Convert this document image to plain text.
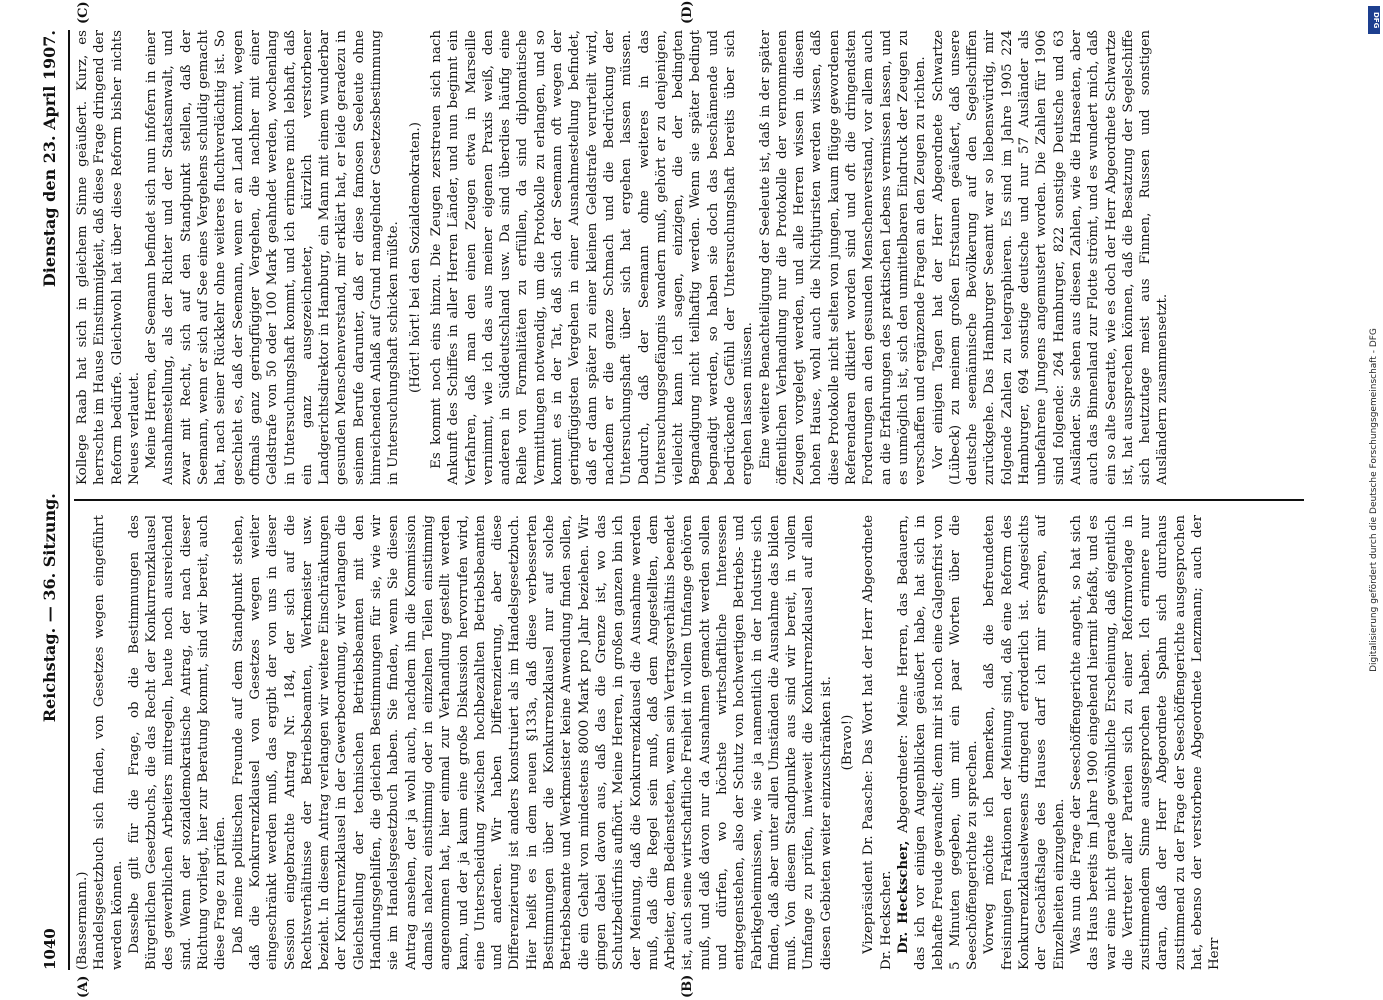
1040
Reichstag. — 36. Sitzung.
Dienstag den 23. April 1907.

(Bassermann.) Handelsgesetzbuch sich finden, von Gesetzes wegen eingeführt werden können. Dasselbe gilt für die Frage, ob die Bestimmungen des Bürgerlichen Gesetzbuchs, die das Recht der Konkurrenzklausel des gewerblichen Arbeiters mitregeln, heute noch ausreichend sind. Wenn der sozialdemokratische Antrag, der nach dieser Richtung vorliegt, hier zur Beratung kommt, sind wir bereit, auch diese Frage zu prüfen. Daß meine politischen Freunde auf dem Standpunkt stehen, daß die Konkurrenzklausel von Gesetzes wegen weiter eingeschränkt werden muß, das ergibt der von uns in dieser Session eingebrachte Antrag Nr. 184, der sich auf die Rechtsverhältnisse der Betriebsbeamten, Werkmeister usw. bezieht. In diesem Antrag verlangen wir weitere Einschränkungen der Konkurrenzklausel in der Gewerbeordnung, wir verlangen die Gleichstellung der technischen Betriebsbeamten mit den Handlungsgehilfen, die gleichen Bestimmungen für sie, wie wir sie im Handelsgesetzbuch haben. Sie finden, wenn Sie diesen Antrag ansehen, der ja wohl auch, nachdem ihn die Kommission damals nahezu einstimmig oder in einzelnen Teilen einstimmig angenommen hat, hier einmal zur Verhandlung gestellt werden kann, und der ja kaum eine große Diskussion hervorrufen wird, eine Unterscheidung zwischen hochbezahlten Betriebsbeamten und anderen. Wir haben Differenzierung, aber diese Differenzierung ist anders konstruiert als im Handelsgesetzbuch. Hier heißt es in dem neuen §133a, daß diese verbesserten Bestimmungen über die Konkurrenzklausel nur auf solche Betriebsbeamte und Werkmeister keine Anwendung finden sollen, die ein Gehalt von mindestens 8000 Mark pro Jahr beziehen. Wir gingen dabei davon aus, daß das die Grenze ist, wo das Schutzbedürfnis aufhört. Meine Herren, in großen ganzen bin ich der Meinung, daß die Konkurrenzklausel die Ausnahme werden muß, daß die Regel sein muß, daß dem Angestellten, dem Arbeiter, dem Bediensteten, wenn sein Vertragsverhältnis beendet ist, auch seine wirtschaftliche Freiheit in vollem Umfange gehören muß, und daß davon nur da Ausnahmen gemacht werden sollen und dürfen, wo höchste wirtschaftliche Interessen entgegenstehen, also der Schutz von hochwertigen Betriebs- und Fabrikgeheimnissen, wie sie ja namentlich in der Industrie sich finden, daß aber unter allen Umständen die Ausnahme das bilden muß. Von diesem Standpunkte aus sind wir bereit, in vollem Umfange zu prüfen, inwieweit die Konkurrenzklausel auf allen diesen Gebieten weiter einzuschränken ist. (Bravo!) Vizepräsident Dr. Paasche: Das Wort hat der Herr Abgeordnete Dr. Heckscher. Dr. Heckscher, Abgeordneter: Meine Herren, das Bedauern, das ich vor einigen Augenblicken geäußert habe, hat sich in lebhafte Freude gewandelt; denn mir ist noch eine Galgenfrist von 5 Minuten gegeben, um mit ein paar Worten über die Seeschöffengerichte zu sprechen. Vorweg möchte ich bemerken, daß die befreundeten freisinnigen Fraktionen der Meinung sind, daß eine Reform des Konkurrenzklauselwesens dringend erforderlich ist. Angesichts der Geschäftslage des Hauses darf ich mir ersparen, auf Einzelheiten einzugehen. Was nun die Frage der Seeschöffengerichte angeht, so hat sich das Haus bereits im Jahre 1900 eingehend hiermit befaßt, und es war eine nicht gerade gewöhnliche Erscheinung, daß eigentlich die Vertreter aller Parteien sich zu einer Reformvorlage in zustimmendem Sinne ausgesprochen haben. Ich erinnere nur daran, daß der Herr Abgeordnete Spahn sich durchaus zustimmend zu der Frage der Seeschöffengerichte ausgesprochen hat, ebenso der verstorbene Abgeordnete Lenzmann; auch der Herr

Kollege Raab hat sich in gleichem Sinne geäußert. Kurz, es herrschte im Hause Einstimmigkeit, daß diese Frage dringend der Reform bedürfe. Gleichwohl hat über diese Reform bisher nichts Neues verlautet. Meine Herren, der Seemann befindet sich nun infofern in einer Ausnahmestellung, als der Richter und der Staatsanwalt, und zwar mit Recht, sich auf den Standpunkt stellen, daß der Seemann, wenn er sich auf See eines Vergehens schuldig gemacht hat, nach seiner Rückkehr ohne weiteres fluchtverdächtig ist. So geschieht es, daß der Seemann, wenn er an Land kommt, wegen oftmals ganz geringfügiger Vergehen, die nachher mit einer Geldstrafe von 50 oder 100 Mark geahndet werden, wochenlang in Untersuchungshaft kommt, und ich erinnere mich lebhaft, daß ein ganz ausgezeichneter, kürzlich verstorbener Landgerichtsdirektor in Hamburg, ein Mann mit einem wunderbar gesunden Menschenverstand, mir erklärt hat, er leide geradezu in seinem Berufe darunter, daß er diese famosen Seeleute ohne hinreichenden Anlaß auf Grund mangelnder Gesetzesbestimmung in Untersuchungshaft schicken müßte. (Hört! hört! bei den Sozialdemokraten.) Es kommt noch eins hinzu. Die Zeugen zerstreuen sich nach Ankunft des Schiffes in aller Herren Länder, und nun beginnt ein Verfahren, daß man den einen Zeugen etwa in Marseille vernimmt, wie ich das aus meiner eigenen Praxis weiß, den anderen in Süddeutschland usw. Da sind überdies häufig eine Reihe von Formalitäten zu erfüllen, da sind diplomatische Vermittlungen notwendig, um die Protokolle zu erlangen, und so kommt es in der Tat, daß sich der Seemann oft wegen der geringfügigsten Vergehen in einer Ausnahmestellung befindet, daß er dann später zu einer kleinen Geldstrafe verurteilt wird, nachdem er die ganze Schmach und die Bedrückung der Untersuchungshaft über sich hat ergehen lassen müssen. Dadurch, daß der Seemann ohne weiteres in das Untersuchungsgefängnis wandern muß, gehört er zu denjenigen, vielleicht kann ich sagen, einzigen, die der bedingten Begnadigung nicht teilhaftig werden. Wenn sie später bedingt begnadigt werden, so haben sie doch das beschämende und bedrückende Gefühl der Untersuchungshaft bereits über sich ergehen lassen müssen. Eine weitere Benachteiligung der Seeleute ist, daß in der später öffentlichen Verhandlung nur die Protokolle der vernommenen Zeugen vorgelegt werden, und alle Herren wissen in diesem hohen Hause, wohl auch die Nichtjuristen werden wissen, daß diese Protokolle nicht selten von jungen, kaum flügge gewordenen Referendaren diktiert worden sind und oft die dringendsten Forderungen an den gesunden Menschenverstand, vor allem auch an die Erfahrungen des praktischen Lebens vermissen lassen, und es unmöglich ist, sich den unmittelbaren Eindruck der Zeugen zu verschaffen und ergänzende Fragen an den Zeugen zu richten. Vor einigen Tagen hat der Herr Abgeordnete Schwartze (Lübeck) zu meinem großen Erstaunen geäußert, daß unsere deutsche seemännische Bevölkerung auf den Segelschiffen zurückgehe. Das Hamburger Seeamt war so liebenswürdig, mir folgende Zahlen zu telegraphieren. Es sind im Jahre 1905 224 Hamburger, 694 sonstige deutsche und nur 57 Ausländer als unbefahrene Jungens angemustert worden. Die Zahlen für 1906 sind folgende: 264 Hamburger, 822 sonstige Deutsche und 63 Ausländer. Sie sehen aus diesen Zahlen, wie die Hanseaten, aber auch das Binnenland zur Flotte strömt, und es wundert mich, daß ein so alte Seeratte, wie es doch der Herr Abgeordnete Schwartze ist, hat aussprechen können, daß die Besatzung der Segelschiffe sich heutzutage meist aus Finnen, Russen und sonstigen Ausländern zusammensetzt.

(A)	(B)
(C)	(D)	DFG
Digitalisierung gefördert durch die Deutsche Forschungsgemeinschaft - DFG
